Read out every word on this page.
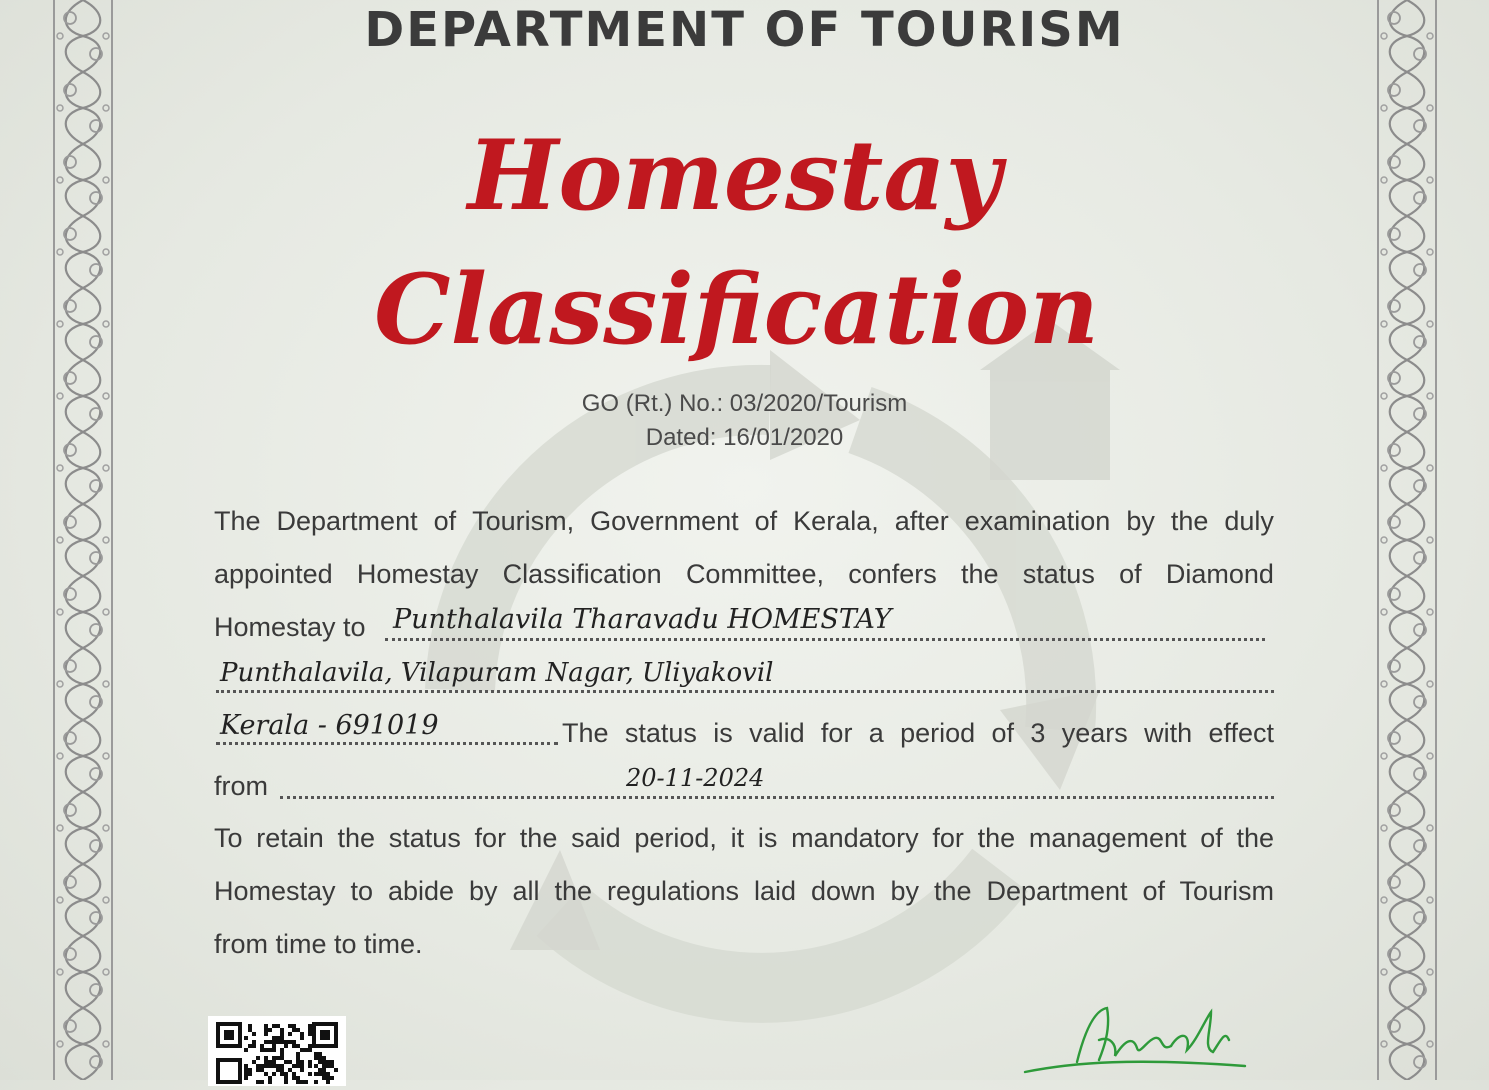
DEPARTMENT OF TOURISM
Homestay
Classification
GO (Rt.) No.: 03/2020/Tourism
Dated: 16/01/2020
The Department of Tourism, Government of Kerala, after examination by the duly
appointed Homestay Classification Committee, confers the status of Diamond
Homestay to Punthalavila Tharavadu HOMESTAY
Punthalavila, Vilapuram Nagar, Uliyakovil
Kerala - 691019	The status is valid for a period of 3 years with effect
from	20-11-2024
To retain the status for the said period, it is mandatory for the management of the
Homestay to abide by all the regulations laid down by the Department of Tourism
from time to time.
